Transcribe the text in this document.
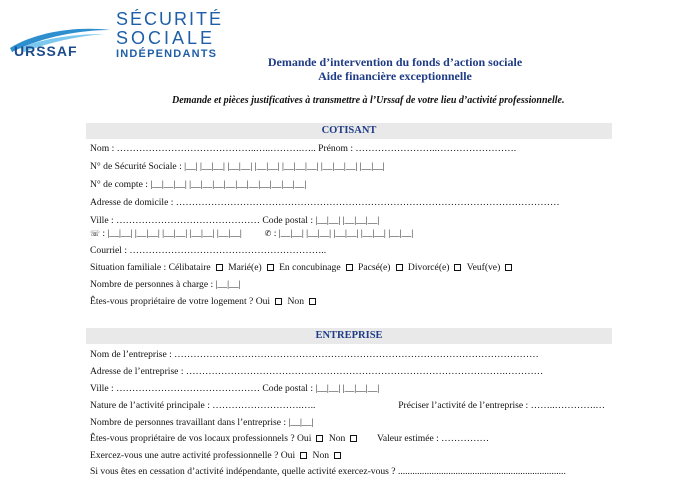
URSSAF
SÉCURITÉ
SOCIALE
INDÉPENDANTS
Demande d’intervention du fonds d’action sociale
Aide financière exceptionnelle
Demande et pièces justificatives à transmettre à l’Urssaf de votre lieu d’activité professionnelle.
COTISANT
Nom : ……………………………………..…..……….….. Prénom : ……………………..…………………….
N° de Sécurité Sociale : |__| |__|__| |__|__| |__|__| |__|__|__| |__|__|__| |__|__|
N° de compte : |__|__|__| |__|__|__|__|__|__|__|__|__|__|
Adresse de domicile : …………………………………………………………………………………………………………
Ville : ……………………………………… Code postal : |__|__| |__|__|__|
☏ : |__|__| |__|__| |__|__| |__|__| |__|__|	✆ : |__|__| |__|__| |__|__| |__|__| |__|__|
Courriel : ……………………………………………………..
Situation familiale : Célibataire Marié(e) En concubinage Pacsé(e) Divorcé(e) Veuf(ve)
Nombre de personnes à charge : |__|__|
Êtes-vous propriétaire de votre logement ? Oui Non
ENTREPRISE
Nom de l’entreprise : ……………………………………………………………………………………………………
Adresse de l’entreprise : ……………………………………………………………………………………….…………
Ville : ……………………………………… Code postal : |__|__| |__|__|__|
Nature de l’activité principale : ……………………….…..	Préciser l’activité de l’entreprise : ……..………….…
Nombre de personnes travaillant dans l’entreprise : |__|__|
Êtes-vous propriétaire de vos locaux professionnels ? Oui Non	Valeur estimée : ……………
Exercez-vous une autre activité professionnelle ? Oui Non
Si vous êtes en cessation d’activité indépendante, quelle activité exercez-vous ? ......................................................................
